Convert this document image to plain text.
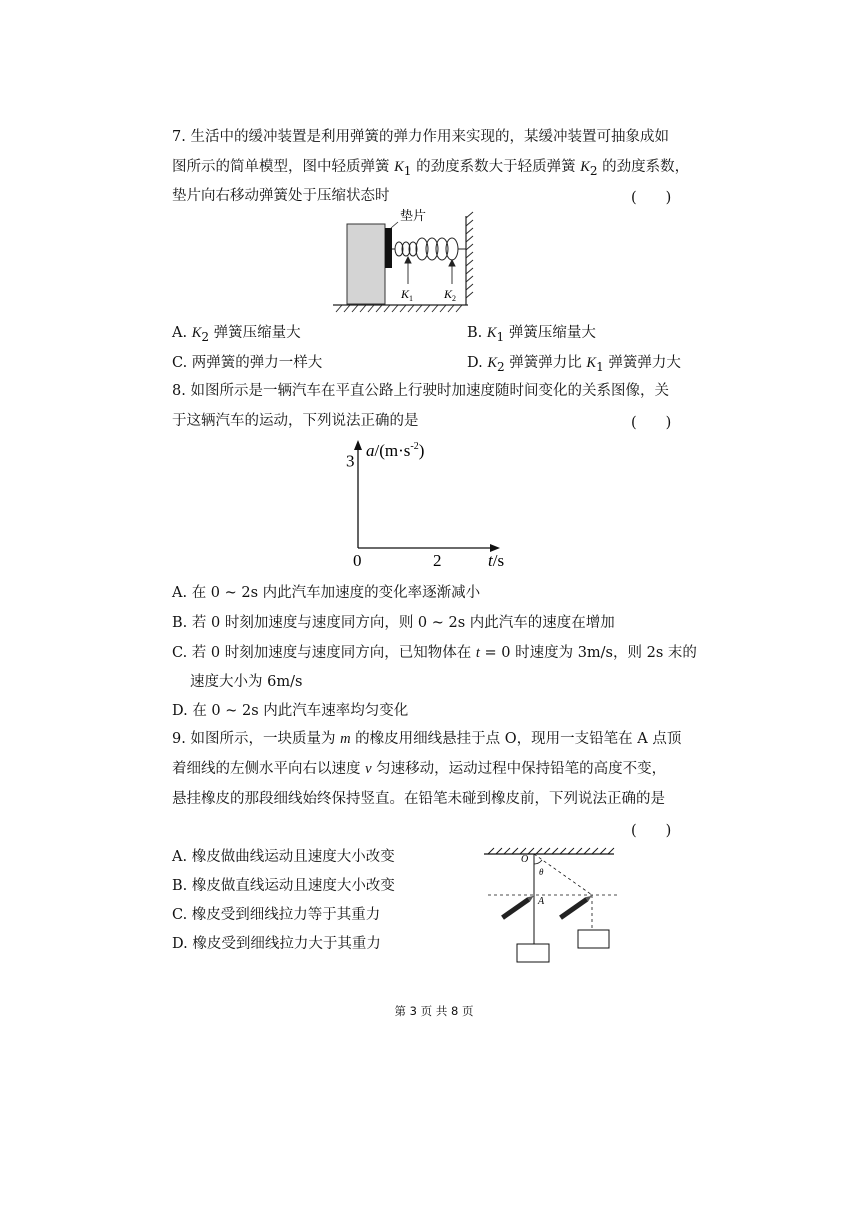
7. 生活中的缓冲装置是利用弹簧的弹力作用来实现的，某缓冲装置可抽象成如
图所示的简单模型，图中轻质弹簧 $K_1$ 的劲度系数大于轻质弹簧 $K_2$ 的劲度系数，
垫片向右移动弹簧处于压缩状态时	(　　)
垫片
$K_1$	$K_2$
A. $K_2$ 弹簧压缩量大	B. $K_1$ 弹簧压缩量大
C. 两弹簧的弹力一样大	D. $K_2$ 弹簧弹力比 $K_1$ 弹簧弹力大
8. 如图所示是一辆汽车在平直公路上行驶时加速度随时间变化的关系图像，关
于这辆汽车的运动，下列说法正确的是	(　　)
$a/(m\cdot s^{-2})$
t/s
0	2
3
A. 在 0 ~ 2s 内此汽车加速度的变化率逐渐减小
B. 若 0 时刻加速度与速度同方向，则 0 ~ 2s 内此汽车的速度在增加
C. 若 0 时刻加速度与速度同方向，已知物体在 t = 0 时速度为 3m/s，则 2s 末的
速度大小为 6m/s
D. 在 0 ~ 2s 内此汽车速率均匀变化
9. 如图所示，一块质量为 m 的橡皮用细线悬挂于点 O，现用一支铅笔在 A 点顶
着细线的左侧水平向右以速度 v 匀速移动，运动过程中保持铅笔的高度不变，
悬挂橡皮的那段细线始终保持竖直。在铅笔未碰到橡皮前，下列说法正确的是
(　　)
A. 橡皮做曲线运动且速度大小改变
B. 橡皮做直线运动且速度大小改变
C. 橡皮受到细线拉力等于其重力
D. 橡皮受到细线拉力大于其重力
O
θ
A
第 3 页 共 8 页
